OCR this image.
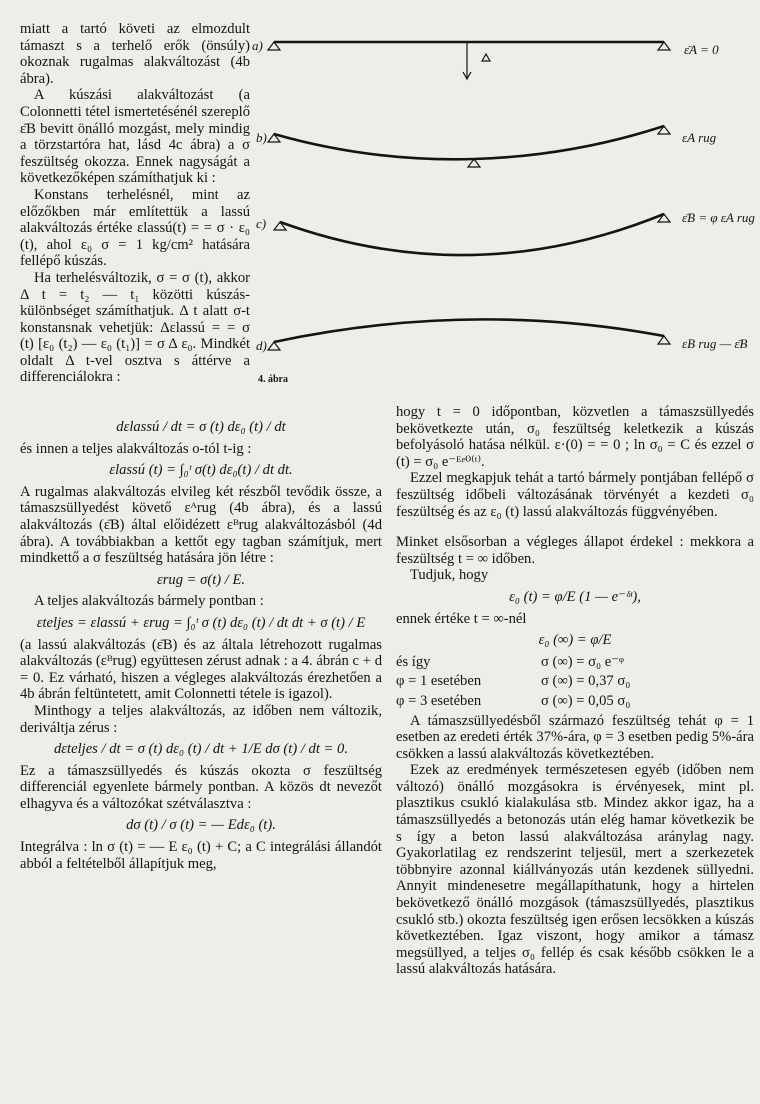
miatt a tartó követi az elmozdult támaszt s a terhelő erők (önsúly) okoznak rugalmas alakváltozást (4b ábra).

A kúszási alakváltozást (a Colonnetti tétel ismertetésénél szereplő ε̄B bevitt önálló mozgást, mely mindig a törzstartóra hat, lásd 4c ábra) a σ feszültség okozza. Ennek nagyságát a következőképen számíthatjuk ki :

Konstans terhelésnél, mint az előzőkben már említettük a lassú alakváltozás értéke εlassú(t) = = σ · ε₀ (t), ahol ε₀ σ = 1 kg/cm² hatására fellépő kúszás.

Ha terhelésváltozik, σ = σ (t), akkor Δ t = t₂ — t₁ közötti kúszás-különbséget számíthatjuk. Δ t alatt σ-t konstansnak vehetjük: Δεlassú = = σ (t) [ε₀ (t₂) — ε₀ (t₁)] = σ Δ ε₀. Mindkét oldalt Δ t-vel osztva s áttérve a differenciálokra :

a)	ε̄A = 0
b)	εA rug
c)	ε̄B = φ εA rug
d)	εB rug — ε̄B
4. ábra
dεlassú / dt = σ (t) dε₀ (t) / dt

és innen a teljes alakváltozás o-tól t-ig :

εlassú (t) = ∫₀ᵗ σ(t) dε₀(t) / dt dt.

A rugalmas alakváltozás elvileg két részből tevődik össze, a támaszsüllyedést követő εᴬrug (4b ábra), és a lassú alakváltozás (ε̄B) által előidézett εᴮrug alakváltozásból (4d ábra). A továbbiakban a kettőt egy tagban számítjuk, mert mindkettő a σ feszültség hatására jön létre :

εrug = σ(t) / E.

A teljes alakváltozás bármely pontban :

εteljes = εlassú + εrug = ∫₀ᵗ σ (t) dε₀ (t) / dt dt + σ (t) / E

(a lassú alakváltozás (ε̄B) és az általa létrehozott rugalmas alakváltozás (εᴮrug) együttesen zérust adnak : a 4. ábrán c + d = 0. Ez várható, hiszen a végleges alakváltozás érezhetően a 4b ábrán feltüntetett, amit Colonnetti tétele is igazol).

Minthogy a teljes alakváltozás, az időben nem változik, deriváltja zérus :

dεteljes / dt = σ (t) dε₀ (t) / dt + 1/E dσ (t) / dt = 0.

Ez a támaszsüllyedés és kúszás okozta σ feszültség differenciál egyenlete bármely pontban. A közös dt nevezőt elhagyva és a változókat szétválasztva :

dσ (t) / σ (t) = — Edε₀ (t).

Integrálva : ln σ (t) = — E ε₀ (t) + C; a C integrálási állandót abból a feltételből állapítjuk meg,

hogy t = 0 időpontban, közvetlen a támaszsüllyedés bekövetkezte után, σ₀ feszültség keletkezik a kúszás befolyásoló hatása nélkül. ε·(0) = = 0 ; ln σ₀ = C és ezzel σ (t) = σ₀ e⁻ᴱᵉ⁰⁽ᵗ⁾.

Ezzel megkapjuk tehát a tartó bármely pontjában fellépő σ feszültség időbeli változásának törvényét a kezdeti σ₀ feszültség és az ε₀ (t) lassú alakváltozás függvényében.

Minket elsősorban a végleges állapot érdekel : mekkora a feszültség t = ∞ időben.

Tudjuk, hogy

ε₀ (t) = φ/E (1 — e⁻ᵟᵗ),

ennek értéke t = ∞-nél

ε₀ (∞) = φ/E
és így	σ (∞) = σ₀ e⁻ᵠ
φ = 1 esetében	σ (∞) = 0,37 σ₀
φ = 3 esetében	σ (∞) = 0,05 σ₀

A támaszsüllyedésből származó feszültség tehát φ = 1 esetben az eredeti érték 37%-ára, φ = 3 esetben pedig 5%-ára csökken a lassú alakváltozás következtében.

Ezek az eredmények természetesen egyéb (időben nem változó) önálló mozgásokra is érvényesek, mint pl. plasztikus csukló kialakulása stb. Mindez akkor igaz, ha a támaszsüllyedés a betonozás után elég hamar következik be s így a beton lassú alakváltozása aránylag nagy. Gyakorlatilag ez rendszerint teljesül, mert a szerkezetek többnyire azonnal kiállványozás után kezdenek süllyedni. Annyit mindenesetre megállapíthatunk, hogy a hirtelen bekövetkező önálló mozgások (támaszsüllyedés, plasztikus csukló stb.) okozta feszültség igen erősen lecsökken a kúszás következtében. Igaz viszont, hogy amikor a támasz megsüllyed, a teljes σ₀ fellép és csak később csökken le a lassú alakváltozás hatására.
